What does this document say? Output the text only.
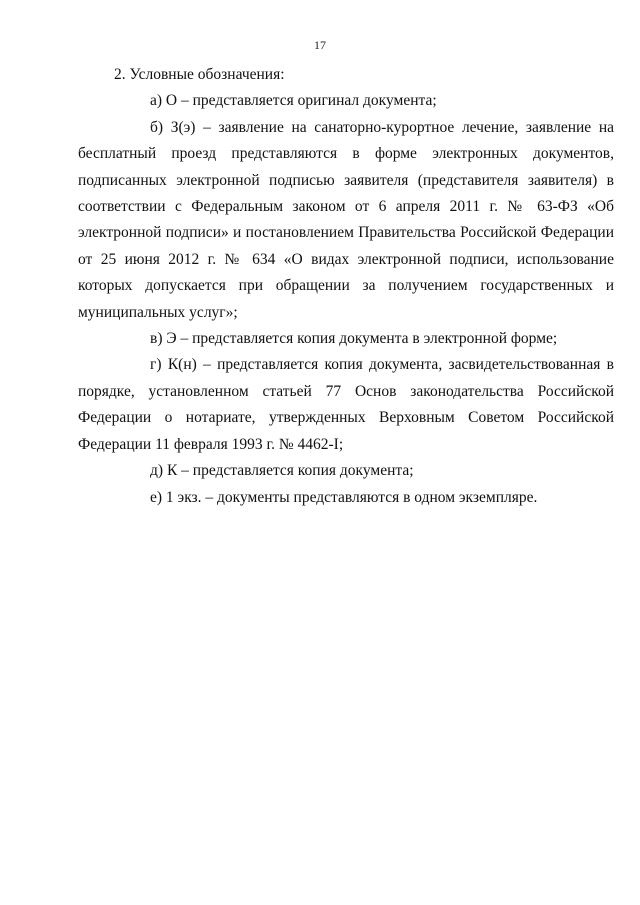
17

2. Условные обозначения:

а) О – представляется оригинал документа;

б) З(э) – заявление на санаторно-курортное лечение, заявление на бесплатный проезд представляются в форме электронных документов, подписанных электронной подписью заявителя (представителя заявителя) в соответствии с Федеральным законом от 6 апреля 2011 г. № 63-ФЗ «Об электронной подписи» и постановлением Правительства Российской Федерации от 25 июня 2012 г. № 634 «О видах электронной подписи, использование которых допускается при обращении за получением государственных и муниципальных услуг»;

в) Э – представляется копия документа в электронной форме;

г) К(н) – представляется копия документа, засвидетельствованная в порядке, установленном статьей 77 Основ законодательства Российской Федерации о нотариате, утвержденных Верховным Советом Российской Федерации 11 февраля 1993 г. № 4462-I;

д) К – представляется копия документа;

е) 1 экз. – документы представляются в одном экземпляре.
